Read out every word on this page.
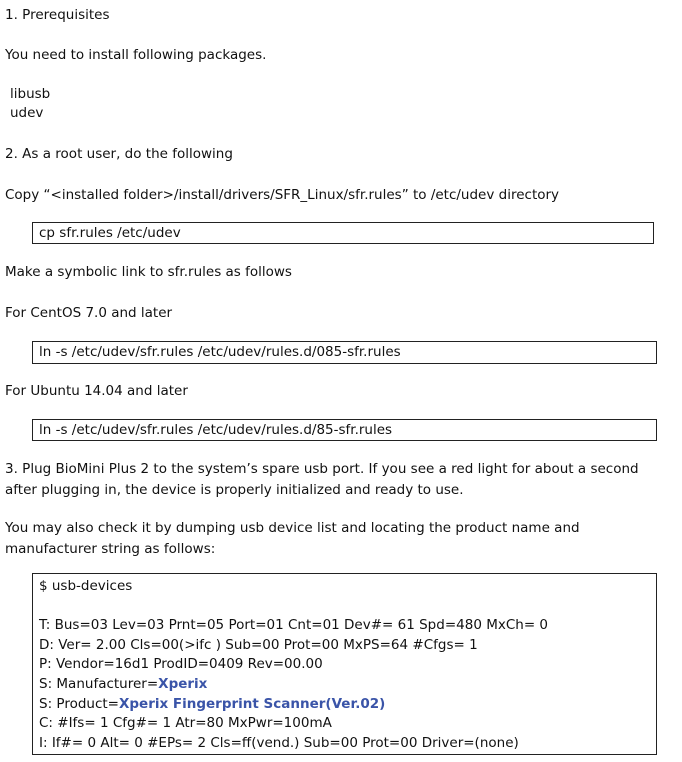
1. Prerequisites
You need to install following packages.
libusb
udev
2. As a root user, do the following
Copy “<installed folder>/install/drivers/SFR_Linux/sfr.rules” to /etc/udev directory
cp sfr.rules /etc/udev
Make a symbolic link to sfr.rules as follows
For CentOS 7.0 and later
ln -s /etc/udev/sfr.rules /etc/udev/rules.d/085-sfr.rules
For Ubuntu 14.04 and later
ln -s /etc/udev/sfr.rules /etc/udev/rules.d/85-sfr.rules
3. Plug BioMini Plus 2 to the system’s spare usb port. If you see a red light for about a second after plugging in, the device is properly initialized and ready to use.
You may also check it by dumping usb device list and locating the product name and manufacturer string as follows:
$ usb-devices
T: Bus=03 Lev=03 Prnt=05 Port=01 Cnt=01 Dev#= 61 Spd=480 MxCh= 0
D: Ver= 2.00 Cls=00(>ifc ) Sub=00 Prot=00 MxPS=64 #Cfgs= 1
P: Vendor=16d1 ProdID=0409 Rev=00.00
S: Manufacturer=Xperix
S: Product=Xperix Fingerprint Scanner(Ver.02)
C: #Ifs= 1 Cfg#= 1 Atr=80 MxPwr=100mA
I: If#= 0 Alt= 0 #EPs= 2 Cls=ff(vend.) Sub=00 Prot=00 Driver=(none)
